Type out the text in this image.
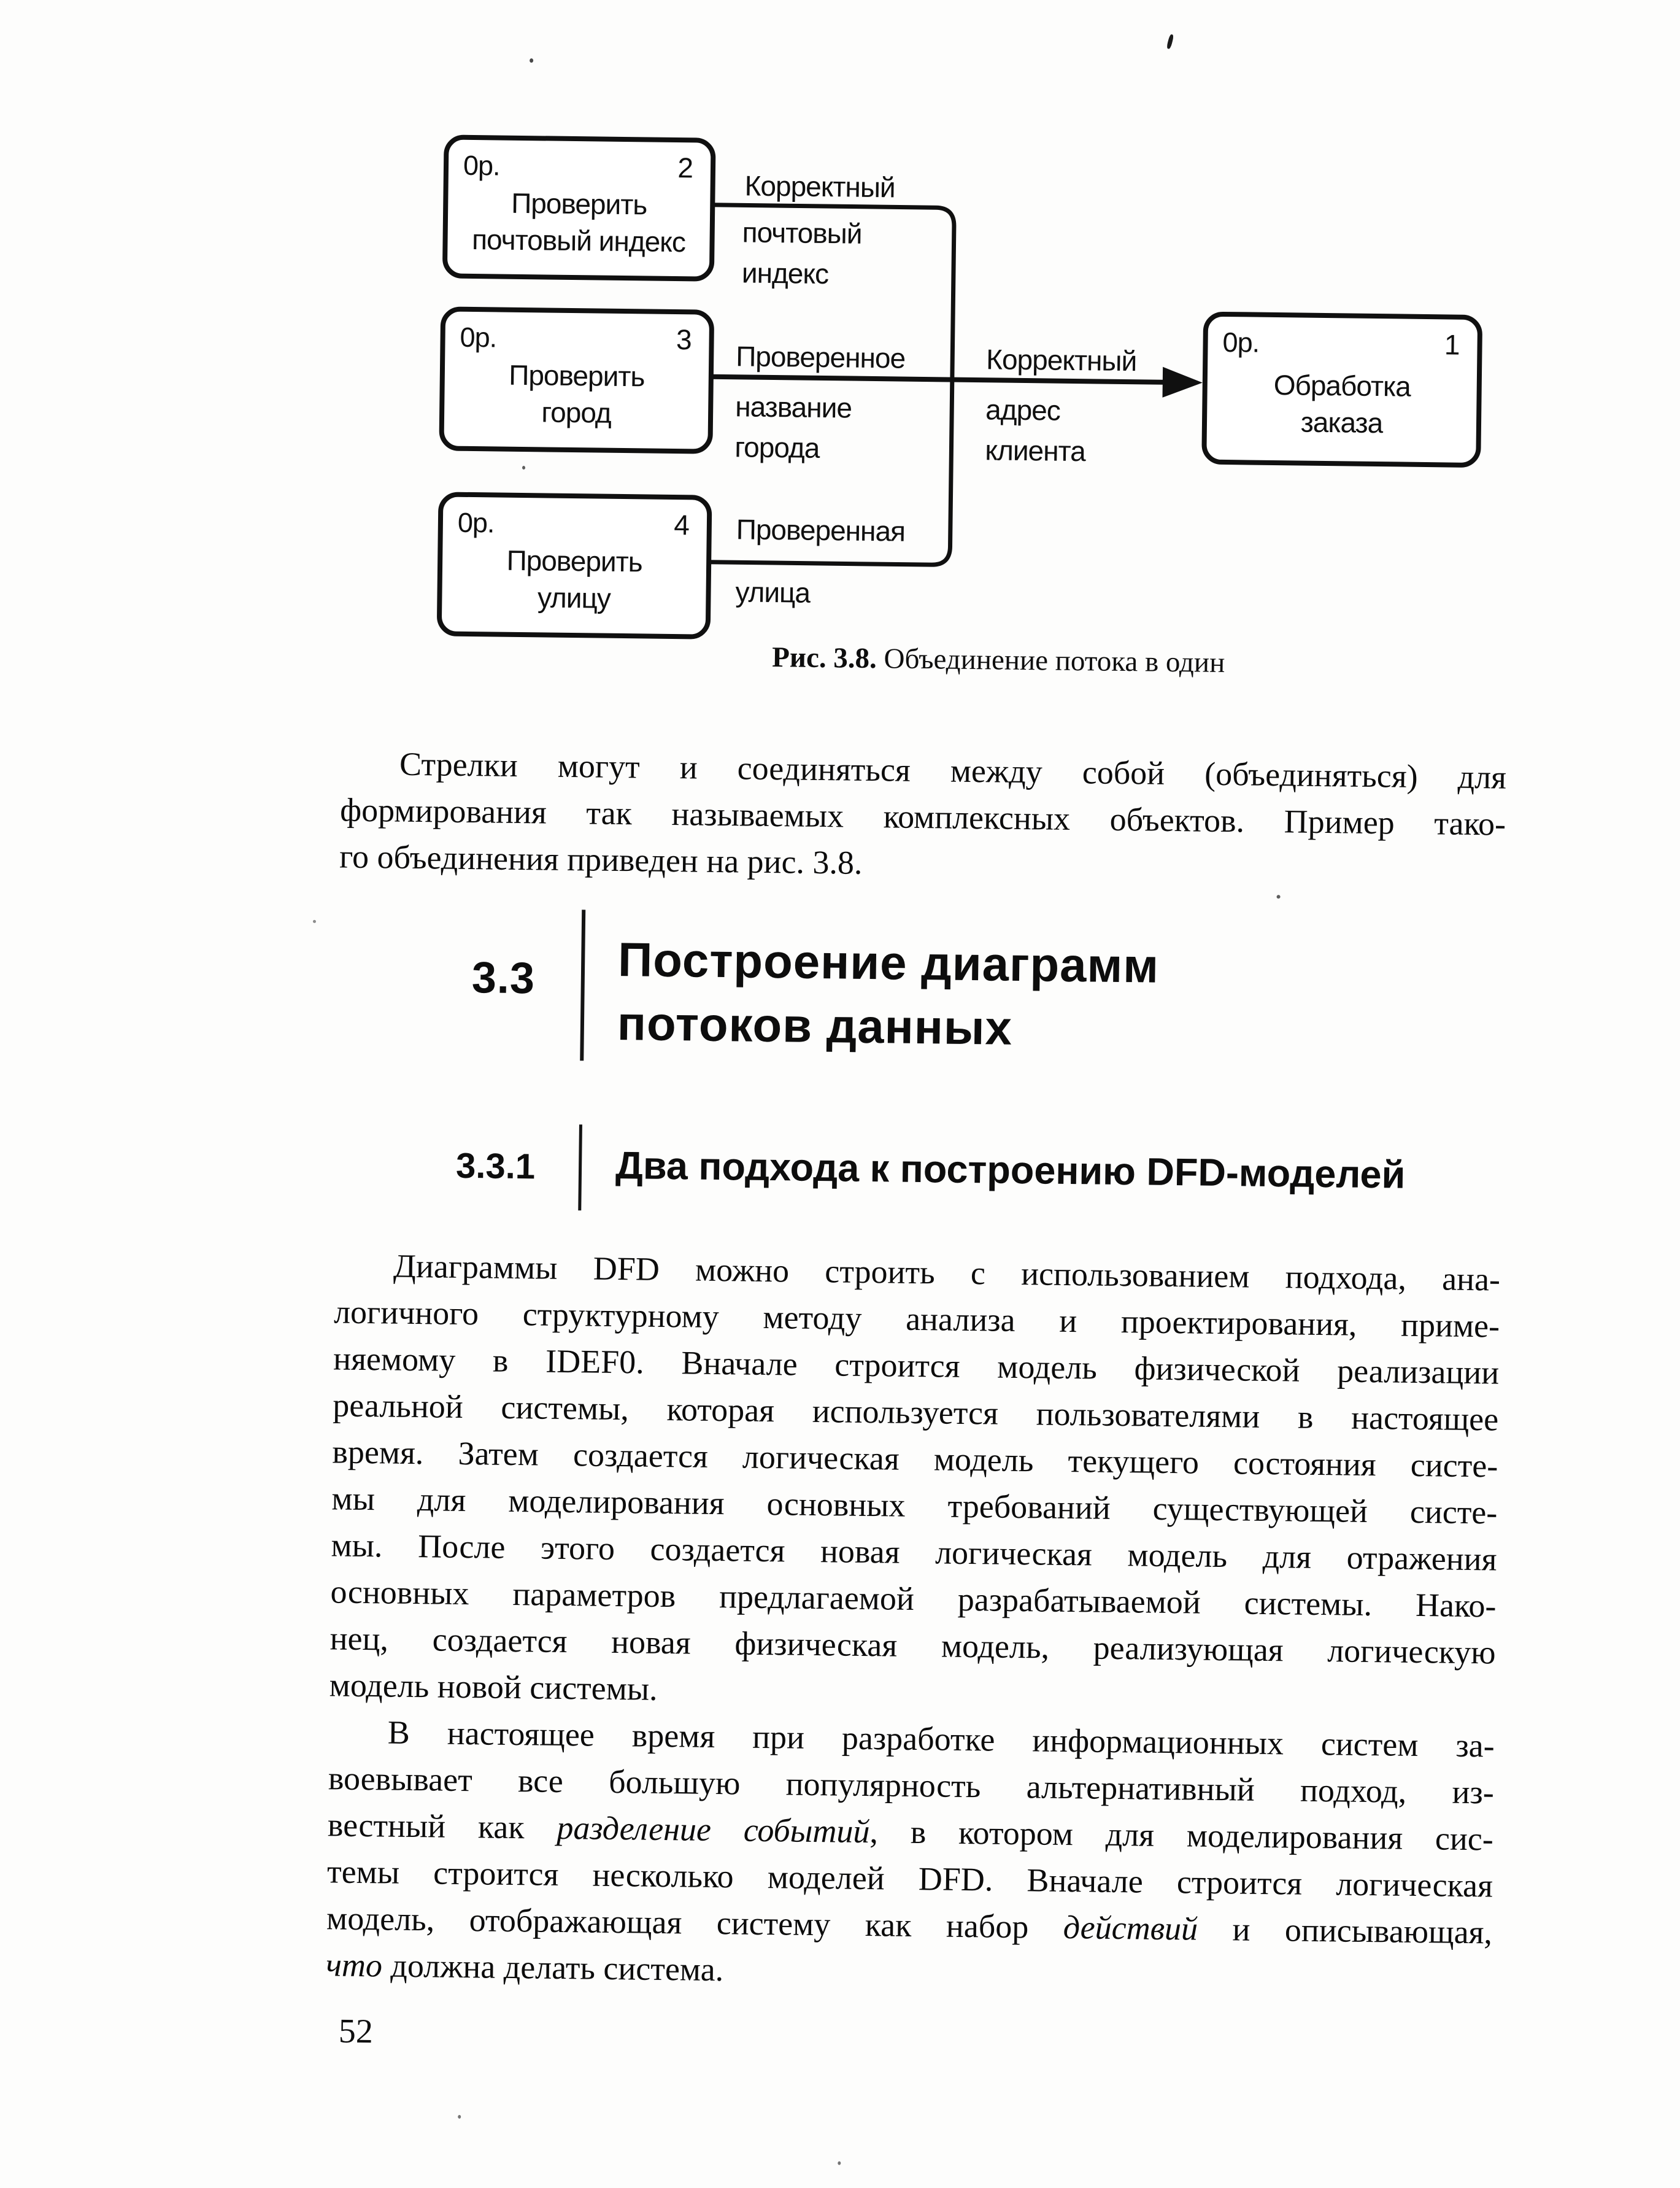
0р.	2
Проверить
почтовый индекс
0р.	3
Проверить
город
0р.	4
Проверить
улицу
0р.	1
Обработка
заказа
Корректный
почтовый
индекс
Проверенное
название
города
Корректный
адрес
клиента
Проверенная
улица
Рис. 3.8. Объединение потока в один
Стрелки могут и соединяться между собой (объединяться) для
формирования так называемых комплексных объектов. Пример тако-
го объединения приведен на рис. 3.8.
3.3 Построение диаграмм
потоков данных
3.3.1 Два подхода к построению DFD-моделей
Диаграммы DFD можно строить с использованием подхода, ана-
логичного структурному методу анализа и проектирования, приме-
няемому в IDEF0. Вначале строится модель физической реализации
реальной системы, которая используется пользователями в настоящее
время. Затем создается логическая модель текущего состояния систе-
мы для моделирования основных требований существующей систе-
мы. После этого создается новая логическая модель для отражения
основных параметров предлагаемой разрабатываемой системы. Нако-
нец, создается новая физическая модель, реализующая логическую
модель новой системы.
В настоящее время при разработке информационных систем за-
воевывает все большую популярность альтернативный подход, из-
вестный как разделение событий, в котором для моделирования сис-
темы строится несколько моделей DFD. Вначале строится логическая
модель, отображающая систему как набор действий и описывающая,
что должна делать система.
52
